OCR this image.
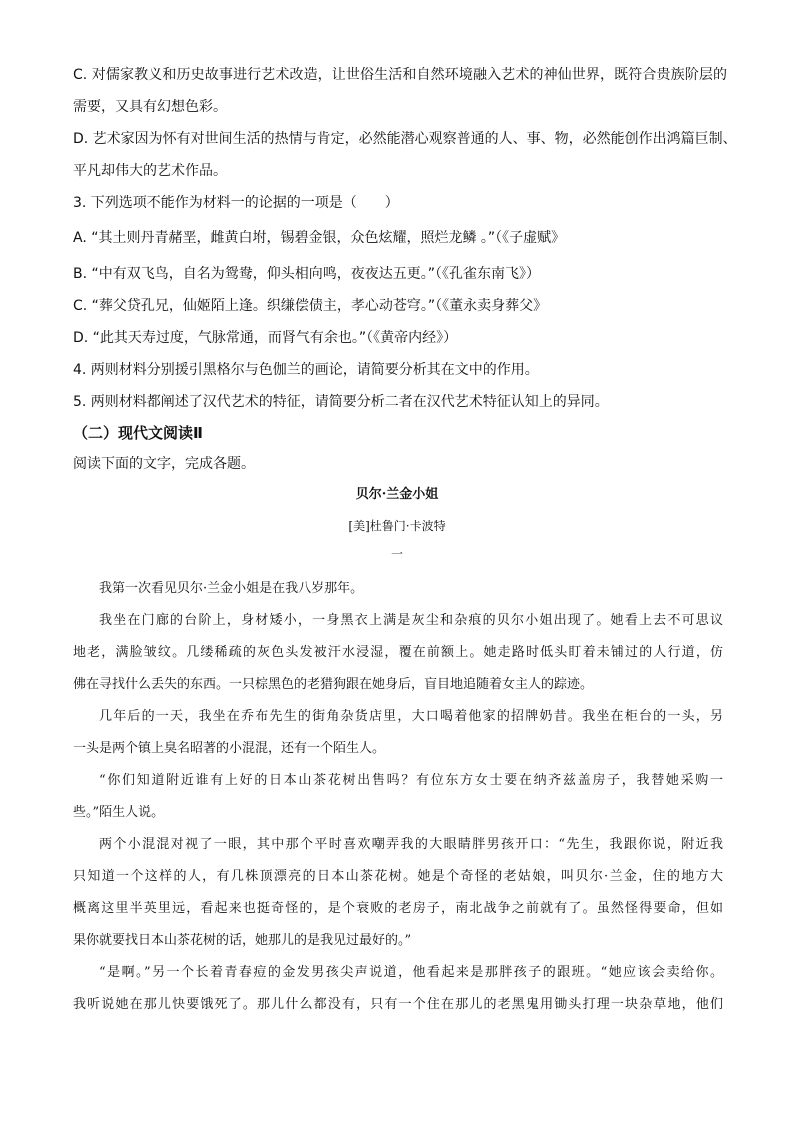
C. 对儒家教义和历史故事进行艺术改造，让世俗生活和自然环境融入艺术的神仙世界，既符合贵族阶层的
需要，又具有幻想色彩。
D. 艺术家因为怀有对世间生活的热情与肯定，必然能潜心观察普通的人、事、物，必然能创作出鸿篇巨制、
平凡却伟大的艺术作品。
3. 下列选项不能作为材料一的论据的一项是（　　）
A. “其土则丹青赭垩，雌黄白坿，锡碧金银，众色炫耀，照烂龙鳞 。”（《子虚赋》
B. “中有双飞鸟，自名为鸳鸯，仰头相向鸣，夜夜达五更。”（《孔雀东南飞》）
C. “葬父贷孔兄，仙姬陌上逢。织缣偿债主，孝心动苍穹。”（《董永卖身葬父》
D. “此其天寿过度，气脉常通，而肾气有余也。”（《黄帝内经》）
4. 两则材料分别援引黑格尔与色伽兰的画论，请简要分析其在文中的作用。
5. 两则材料都阐述了汉代艺术的特征，请简要分析二者在汉代艺术特征认知上的异同。
（二）现代文阅读Ⅱ
阅读下面的文字，完成各题。
贝尔·兰金小姐
[美]杜鲁门·卡波特
一
我第一次看见贝尔·兰金小姐是在我八岁那年。
我坐在门廊的台阶上，身材矮小，一身黑衣上满是灰尘和杂痕的贝尔小姐出现了。她看上去不可思议
地老，满脸皱纹。几缕稀疏的灰色头发被汗水浸湿，覆在前额上。她走路时低头盯着未铺过的人行道，仿
佛在寻找什么丢失的东西。一只棕黑色的老猎狗跟在她身后，盲目地追随着女主人的踪迹。
几年后的一天，我坐在乔布先生的街角杂货店里，大口喝着他家的招牌奶昔。我坐在柜台的一头，另
一头是两个镇上臭名昭著的小混混，还有一个陌生人。
“你们知道附近谁有上好的日本山茶花树出售吗？有位东方女士要在纳齐兹盖房子，我替她采购一
些。”陌生人说。
两个小混混对视了一眼，其中那个平时喜欢嘲弄我的大眼睛胖男孩开口：“先生，我跟你说，附近我
只知道一个这样的人，有几株顶漂亮的日本山茶花树。她是个奇怪的老姑娘，叫贝尔·兰金，住的地方大
概离这里半英里远，看起来也挺奇怪的，是个衰败的老房子，南北战争之前就有了。虽然怪得要命，但如
果你就要找日本山茶花树的话，她那儿的是我见过最好的。”
“是啊。”另一个长着青春痘的金发男孩尖声说道，他看起来是那胖孩子的跟班。“她应该会卖给你。
我听说她在那儿快要饿死了。那儿什么都没有，只有一个住在那儿的老黑鬼用锄头打理一块杂草地，他们
